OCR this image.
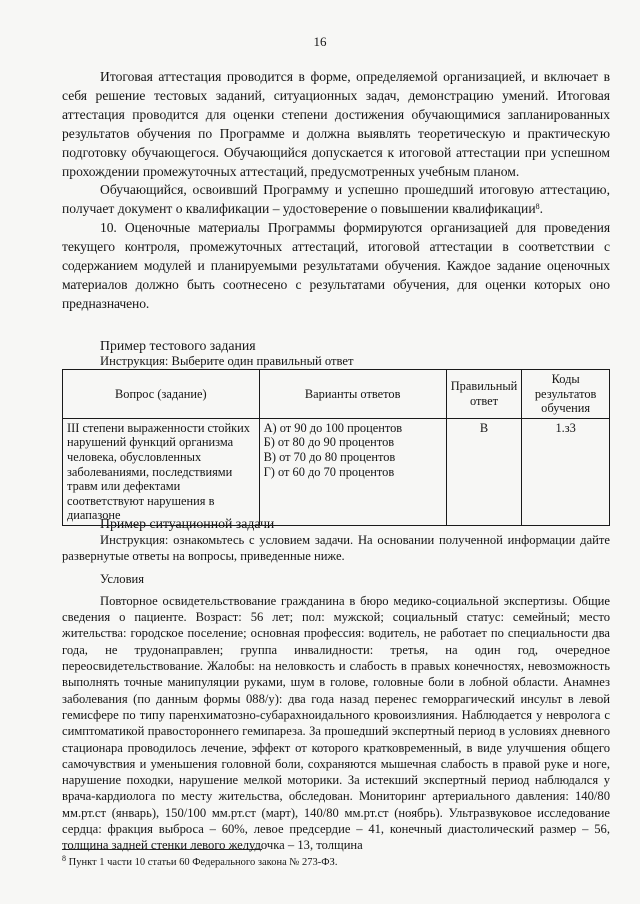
16

Итоговая аттестация проводится в форме, определяемой организацией, и включает в себя решение тестовых заданий, ситуационных задач, демонстрацию умений. Итоговая аттестация проводится для оценки степени достижения обучающимися запланированных результатов обучения по Программе и должна выявлять теоретическую и практическую подготовку обучающегося. Обучающийся допускается к итоговой аттестации при успешном прохождении промежуточных аттестаций, предусмотренных учебным планом.

Обучающийся, освоивший Программу и успешно прошедший итоговую аттестацию, получает документ о квалификации – удостоверение о повышении квалификации$^8$.

10. Оценочные материалы Программы формируются организацией для проведения текущего контроля, промежуточных аттестаций, итоговой аттестации в соответствии с содержанием модулей и планируемыми результатами обучения. Каждое задание оценочных материалов должно быть соотнесено с результатами обучения, для оценки которых оно предназначено.

Пример тестового задания
Инструкция: Выберите один правильный ответ
Вопрос (задание)	Варианты ответов	Правильный ответ	Коды результатов обучения
III степени выраженности стойких нарушений функций организма человека, обусловленных заболеваниями, последствиями травм или дефектами соответствуют нарушения в диапазоне	А) от 90 до 100 процентов
Б) от 80 до 90 процентов
В) от 70 до 80 процентов
Г) от 60 до 70 процентов	В	1.з3
Пример ситуационной задачи

Инструкция: ознакомьтесь с условием задачи. На основании полученной информации дайте развернутые ответы на вопросы, приведенные ниже.

Условия

Повторное освидетельствование гражданина в бюро медико-социальной экспертизы. Общие сведения о пациенте. Возраст: 56 лет; пол: мужской; социальный статус: семейный; место жительства: городское поселение; основная профессия: водитель, не работает по специальности два года, не трудонаправлен; группа инвалидности: третья, на один год, очередное переосвидетельствование. Жалобы: на неловкость и слабость в правых конечностях, невозможность выполнять точные манипуляции руками, шум в голове, головные боли в лобной области. Анамнез заболевания (по данным формы 088/у): два года назад перенес геморрагический инсульт в левой гемисфере по типу паренхиматозно-субарахноидального кровоизлияния. Наблюдается у невролога с симптоматикой правостороннего гемипареза. За прошедший экспертный период в условиях дневного стационара проводилось лечение, эффект от которого кратковременный, в виде улучшения общего самочувствия и уменьшения головной боли, сохраняются мышечная слабость в правой руке и ноге, нарушение походки, нарушение мелкой моторики. За истекший экспертный период наблюдался у врача-кардиолога по месту жительства, обследован. Мониторинг артериального давления: 140/80 мм.рт.ст (январь), 150/100 мм.рт.ст (март), 140/80 мм.рт.ст (ноябрь). Ультразвуковое исследование сердца: фракция выброса – 60%, левое предсердие – 41, конечный диастолический размер – 56, толщина задней стенки левого желудочка – 13, толщина

$^8$ Пункт 1 части 10 статьи 60 Федерального закона № 273-ФЗ.
